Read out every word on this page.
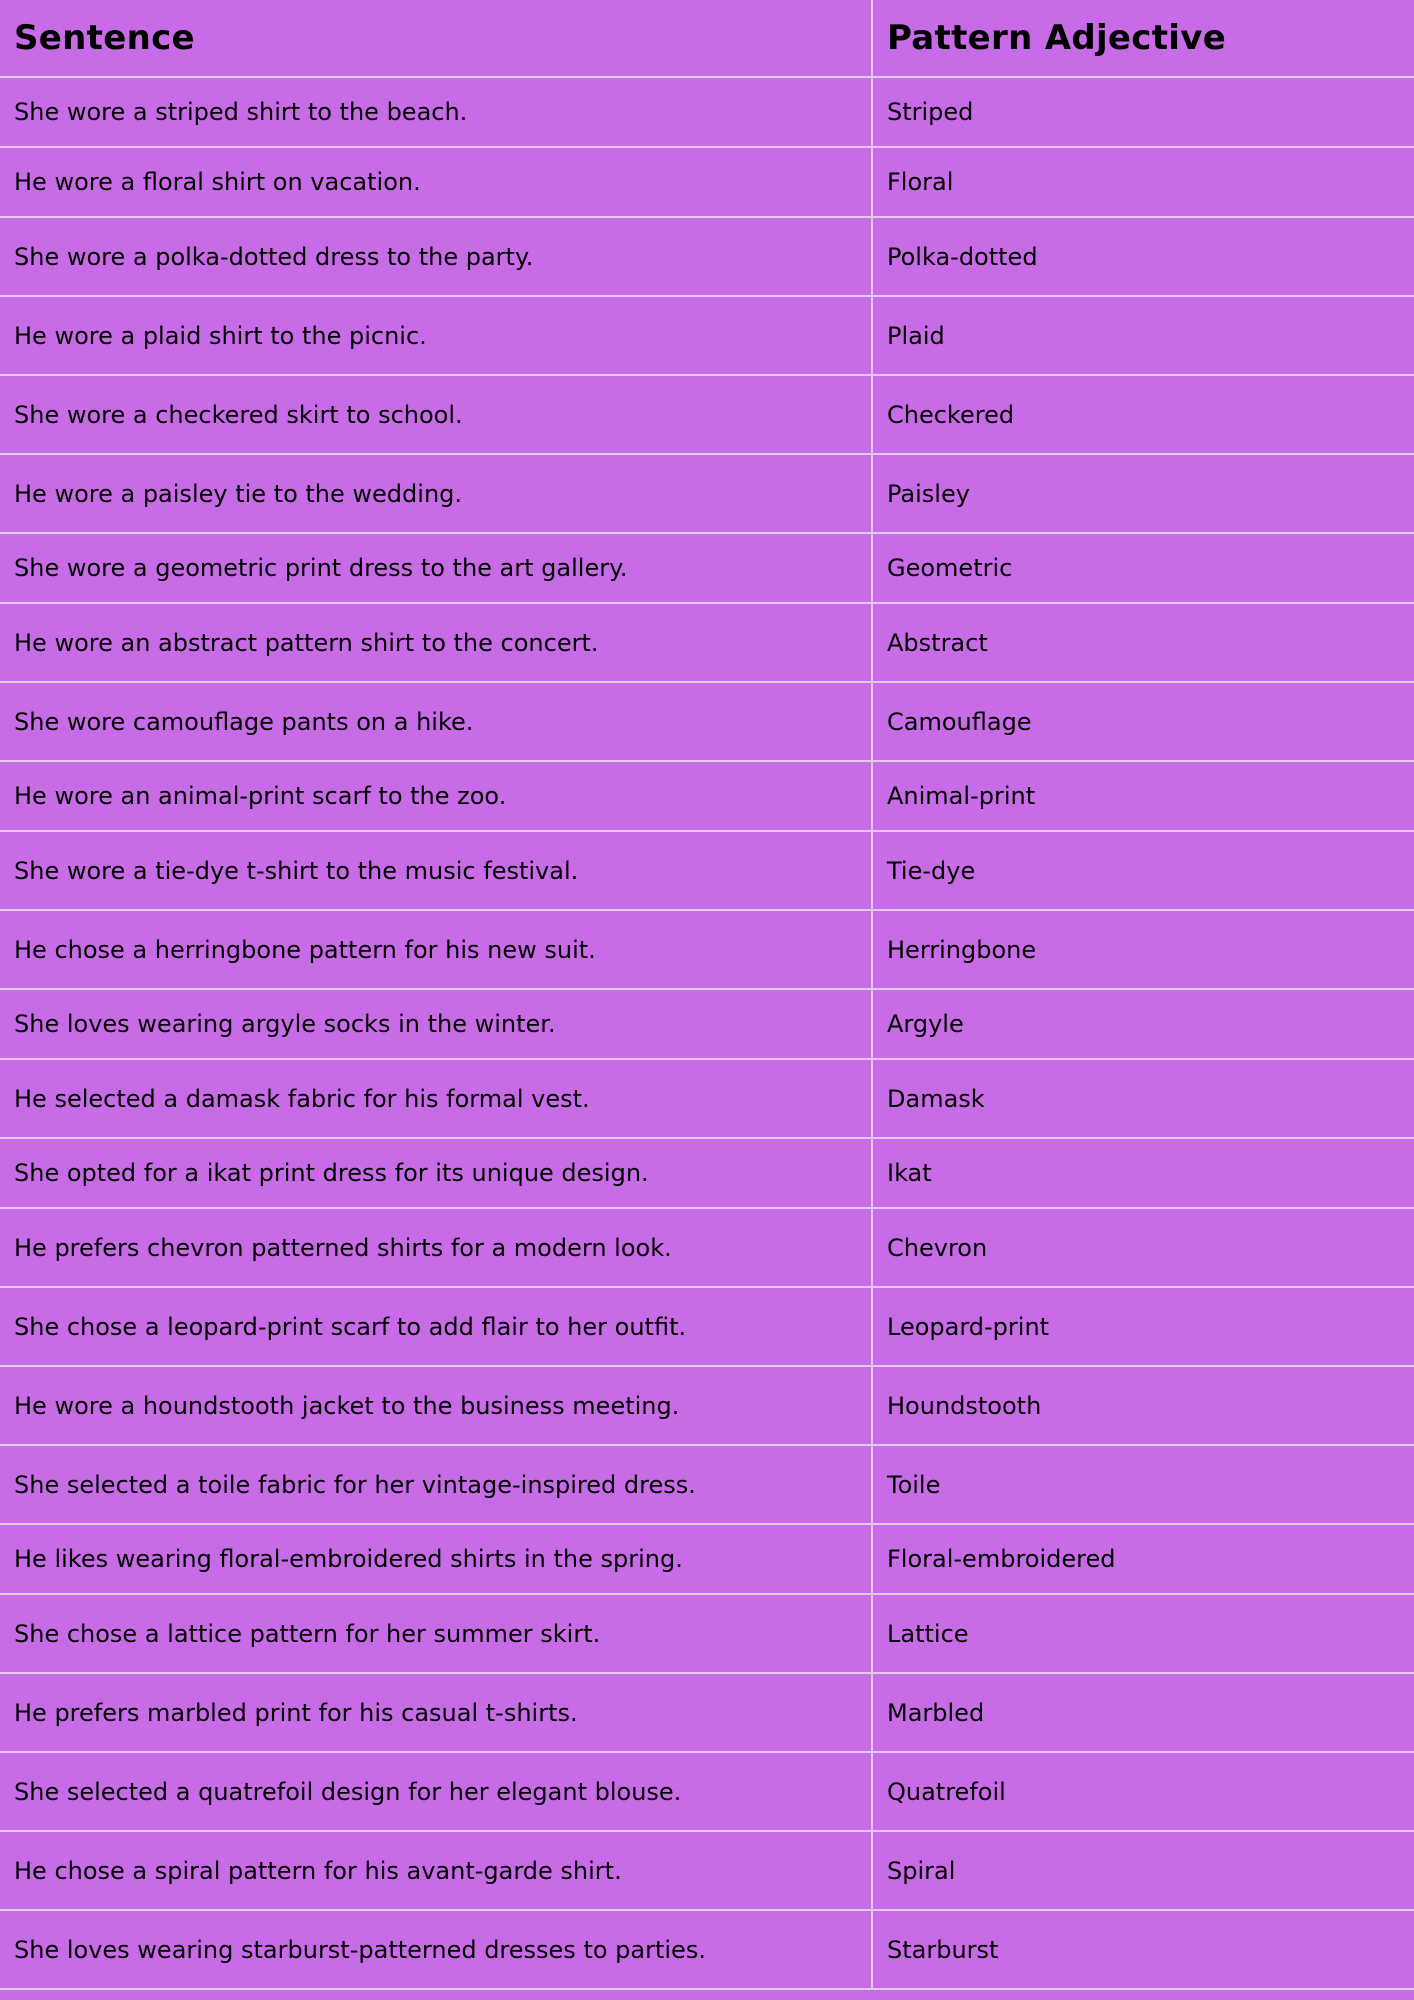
Sentence	Pattern Adjective
She wore a striped shirt to the beach.	Striped
He wore a floral shirt on vacation.	Floral
She wore a polka-dotted dress to the party.	Polka-dotted
He wore a plaid shirt to the picnic.	Plaid
She wore a checkered skirt to school.	Checkered
He wore a paisley tie to the wedding.	Paisley
She wore a geometric print dress to the art gallery.	Geometric
He wore an abstract pattern shirt to the concert.	Abstract
She wore camouflage pants on a hike.	Camouflage
He wore an animal-print scarf to the zoo.	Animal-print
She wore a tie-dye t-shirt to the music festival.	Tie-dye
He chose a herringbone pattern for his new suit.	Herringbone
She loves wearing argyle socks in the winter.	Argyle
He selected a damask fabric for his formal vest.	Damask
She opted for a ikat print dress for its unique design.	Ikat
He prefers chevron patterned shirts for a modern look.	Chevron
She chose a leopard-print scarf to add flair to her outfit.	Leopard-print
He wore a houndstooth jacket to the business meeting.	Houndstooth
She selected a toile fabric for her vintage-inspired dress.	Toile
He likes wearing floral-embroidered shirts in the spring.	Floral-embroidered
She chose a lattice pattern for her summer skirt.	Lattice
He prefers marbled print for his casual t-shirts.	Marbled
She selected a quatrefoil design for her elegant blouse.	Quatrefoil
He chose a spiral pattern for his avant-garde shirt.	Spiral
She loves wearing starburst-patterned dresses to parties.	Starburst
